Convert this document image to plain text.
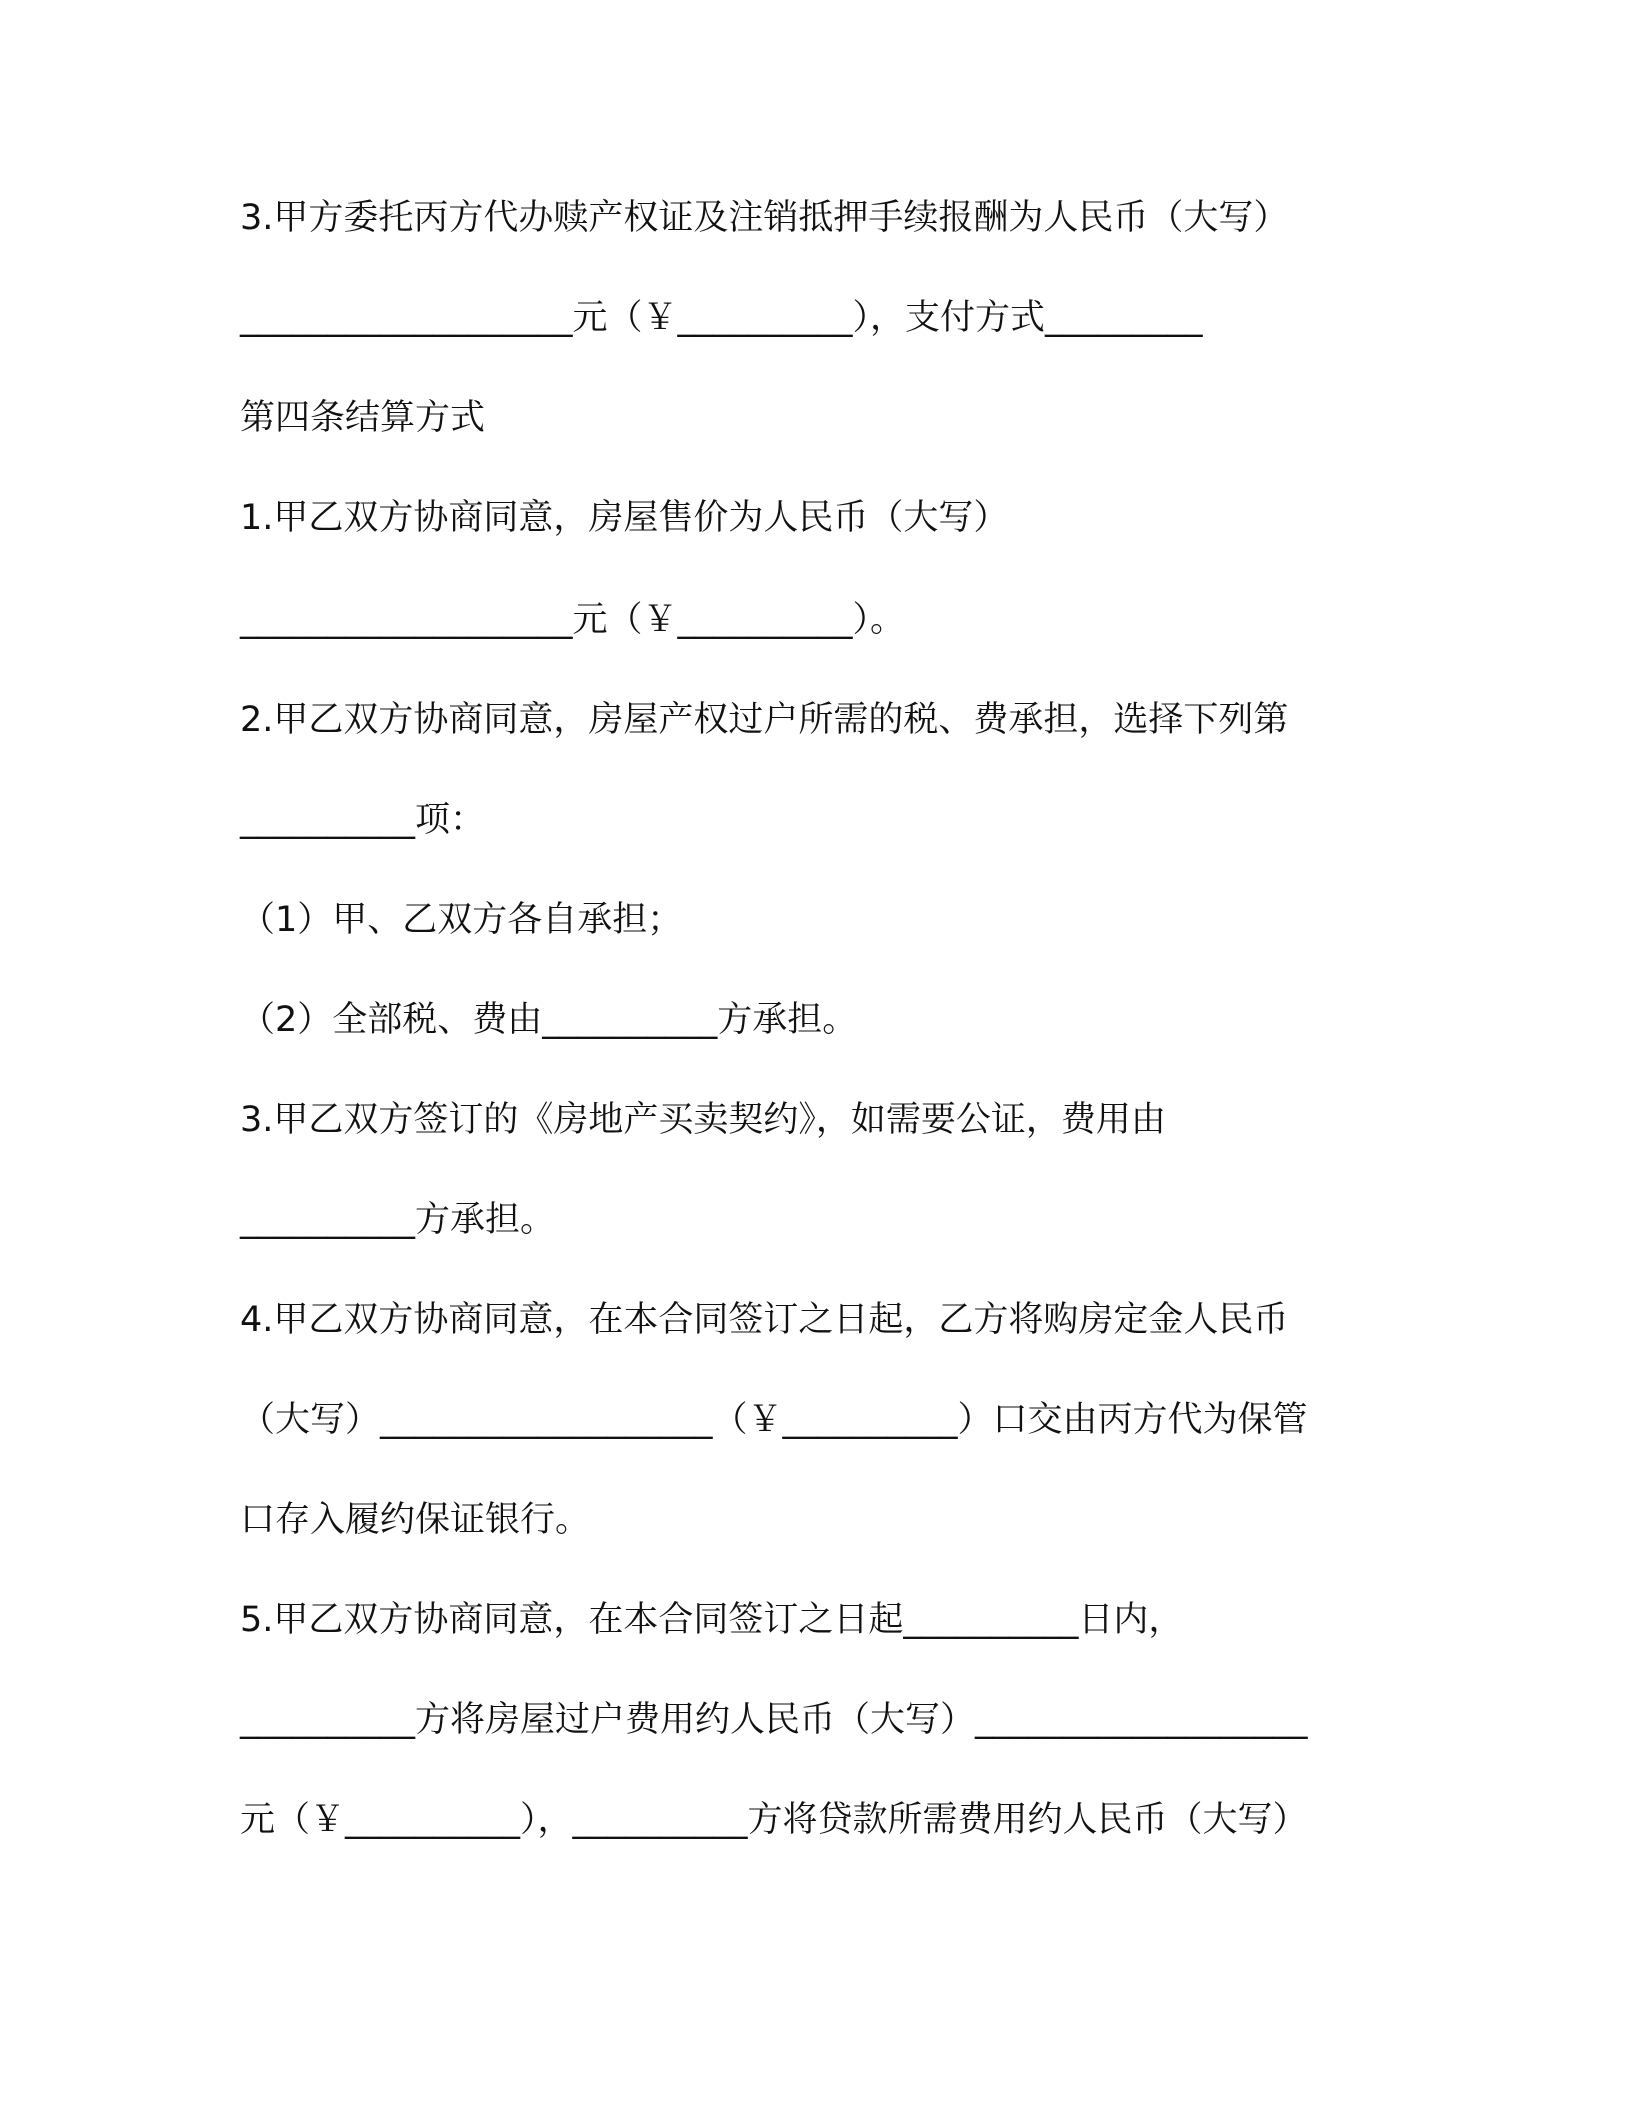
3.甲方委托丙方代办赎产权证及注销抵押手续报酬为人民币（大写）
___________________元（￥__________），支付方式_________
第四条结算方式
1.甲乙双方协商同意，房屋售价为人民币（大写）
___________________元（￥__________）。
2.甲乙双方协商同意，房屋产权过户所需的税、费承担，选择下列第
__________项：
（1）甲、乙双方各自承担；
（2）全部税、费由__________方承担。
3.甲乙双方签订的《房地产买卖契约》，如需要公证，费用由
__________方承担。
4.甲乙双方协商同意，在本合同签订之日起，乙方将购房定金人民币
（大写）___________________（￥__________）口交由丙方代为保管
口存入履约保证银行。
5.甲乙双方协商同意，在本合同签订之日起__________日内，
__________方将房屋过户费用约人民币（大写）___________________
元（￥__________），__________方将贷款所需费用约人民币（大写）
